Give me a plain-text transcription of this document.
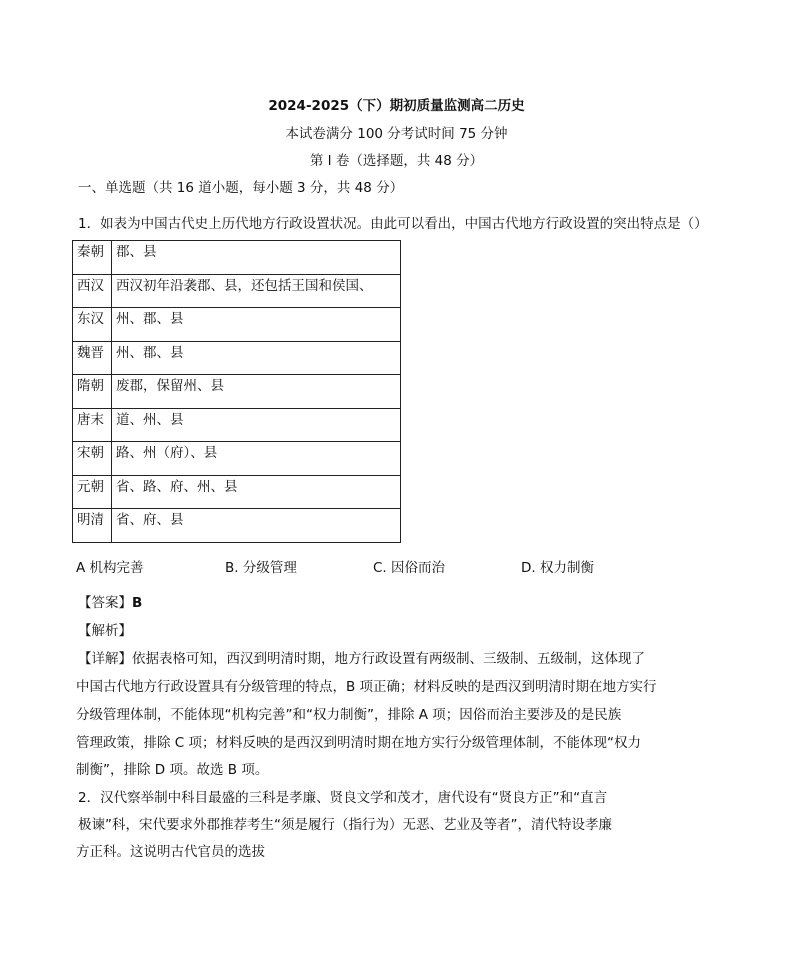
2024-2025（下）期初质量监测高二历史
本试卷满分 100 分考试时间 75 分钟
第 I 卷（选择题，共 48 分）
一、单选题（共 16 道小题，每小题 3 分，共 48 分）
1．如表为中国古代史上历代地方行政设置状况。由此可以看出，中国古代地方行政设置的突出特点是（）
秦朝	郡、县
西汉	西汉初年沿袭郡、县，还包括王国和侯国、
东汉	州、郡、县
魏晋	州、郡、县
隋朝	废郡，保留州、县
唐末	道、州、县
宋朝	路、州（府）、县
元朝	省、路、府、州、县
明清	省、府、县
A 机构完善	B. 分级管理	C. 因俗而治	D. 权力制衡
【答案】B
【解析】
【详解】依据表格可知，西汉到明清时期，地方行政设置有两级制、三级制、五级制，这体现了
中国古代地方行政设置具有分级管理的特点，B 项正确；材料反映的是西汉到明清时期在地方实行
分级管理体制，不能体现“机构完善”和“权力制衡”，排除 A 项；因俗而治主要涉及的是民族
管理政策，排除 C 项；材料反映的是西汉到明清时期在地方实行分级管理体制，不能体现“权力
制衡”，排除 D 项。故选 B 项。
2．汉代察举制中科目最盛的三科是孝廉、贤良文学和茂才，唐代设有“贤良方正”和“直言
极谏”科，宋代要求外郡推荐考生“须是履行（指行为）无恶、艺业及等者”，清代特设孝廉
方正科。这说明古代官员的选拔
